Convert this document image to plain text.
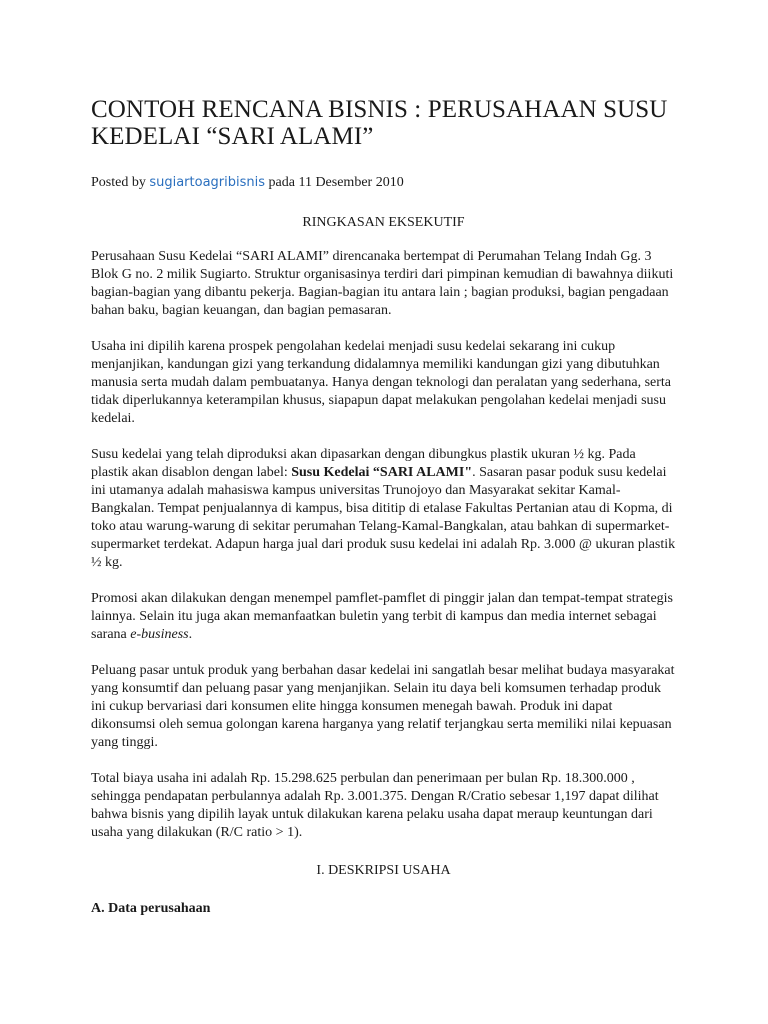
CONTOH RENCANA BISNIS : PERUSAHAAN SUSU KEDELAI “SARI ALAMI”
Posted by sugiartoagribisnis pada 11 Desember 2010
RINGKASAN EKSEKUTIF

Perusahaan Susu Kedelai “SARI ALAMI” direncanaka bertempat di Perumahan Telang Indah Gg. 3 Blok G no. 2 milik Sugiarto. Struktur organisasinya terdiri dari pimpinan kemudian di bawahnya diikuti bagian-bagian yang dibantu pekerja. Bagian-bagian itu antara lain ; bagian produksi, bagian pengadaan bahan baku, bagian keuangan, dan bagian pemasaran.

Usaha ini dipilih karena prospek pengolahan kedelai menjadi susu kedelai sekarang ini cukup menjanjikan, kandungan gizi yang terkandung didalamnya memiliki kandungan gizi yang dibutuhkan manusia serta mudah dalam pembuatanya. Hanya dengan teknologi dan peralatan yang sederhana, serta tidak diperlukannya keterampilan khusus, siapapun dapat melakukan pengolahan kedelai menjadi susu kedelai.

Susu kedelai yang telah diproduksi akan dipasarkan dengan dibungkus plastik ukuran ½ kg. Pada plastik akan disablon dengan label: Susu Kedelai “SARI ALAMI". Sasaran pasar poduk susu kedelai ini utamanya adalah mahasiswa kampus universitas Trunojoyo dan Masyarakat sekitar Kamal-Bangkalan. Tempat penjualannya di kampus, bisa dititip di etalase Fakultas Pertanian atau di Kopma, di toko atau warung-warung di sekitar perumahan Telang-Kamal-Bangkalan, atau bahkan di supermarket- supermarket terdekat. Adapun harga jual dari produk susu kedelai ini adalah Rp. 3.000 @ ukuran plastik ½ kg.

Promosi akan dilakukan dengan menempel pamflet-pamflet di pinggir jalan dan tempat-tempat strategis lainnya. Selain itu juga akan memanfaatkan buletin yang terbit di kampus dan media internet sebagai sarana e-business.

Peluang pasar untuk produk yang berbahan dasar kedelai ini sangatlah besar melihat budaya masyarakat yang konsumtif dan peluang pasar yang menjanjikan. Selain itu daya beli komsumen terhadap produk ini cukup bervariasi dari konsumen elite hingga konsumen menegah bawah. Produk ini dapat dikonsumsi oleh semua golongan karena harganya yang relatif terjangkau serta memiliki nilai kepuasan yang tinggi.

Total biaya usaha ini adalah Rp. 15.298.625 perbulan dan penerimaan per bulan Rp. 18.300.000 , sehingga pendapatan perbulannya adalah Rp. 3.001.375. Dengan R/Cratio sebesar 1,197 dapat dilihat bahwa bisnis yang dipilih layak untuk dilakukan karena pelaku usaha dapat meraup keuntungan dari usaha yang dilakukan (R/C ratio > 1).

I. DESKRIPSI USAHA
A. Data perusahaan
